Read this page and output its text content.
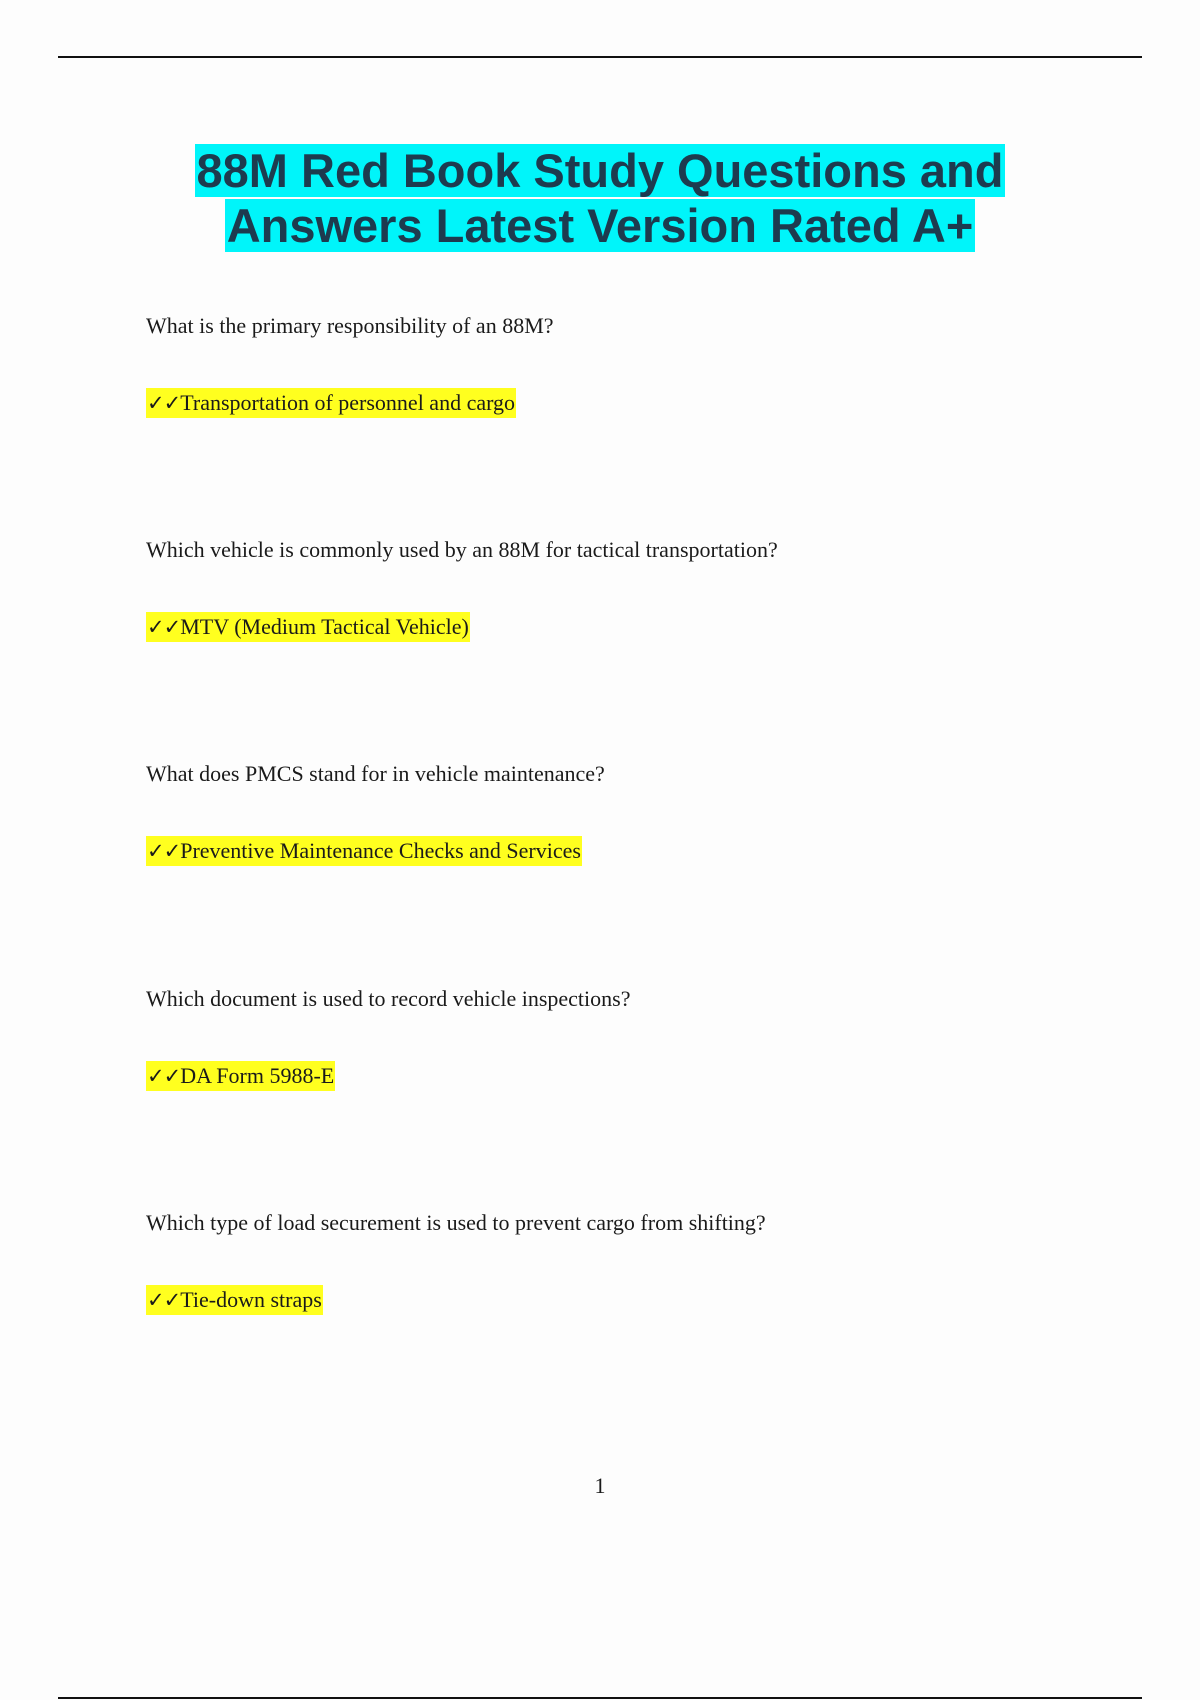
88M Red Book Study Questions and
Answers Latest Version Rated A+

What is the primary responsibility of an 88M?

✓✓Transportation of personnel and cargo

Which vehicle is commonly used by an 88M for tactical transportation?

✓✓MTV (Medium Tactical Vehicle)

What does PMCS stand for in vehicle maintenance?

✓✓Preventive Maintenance Checks and Services

Which document is used to record vehicle inspections?

✓✓DA Form 5988-E

Which type of load securement is used to prevent cargo from shifting?

✓✓Tie-down straps

1
